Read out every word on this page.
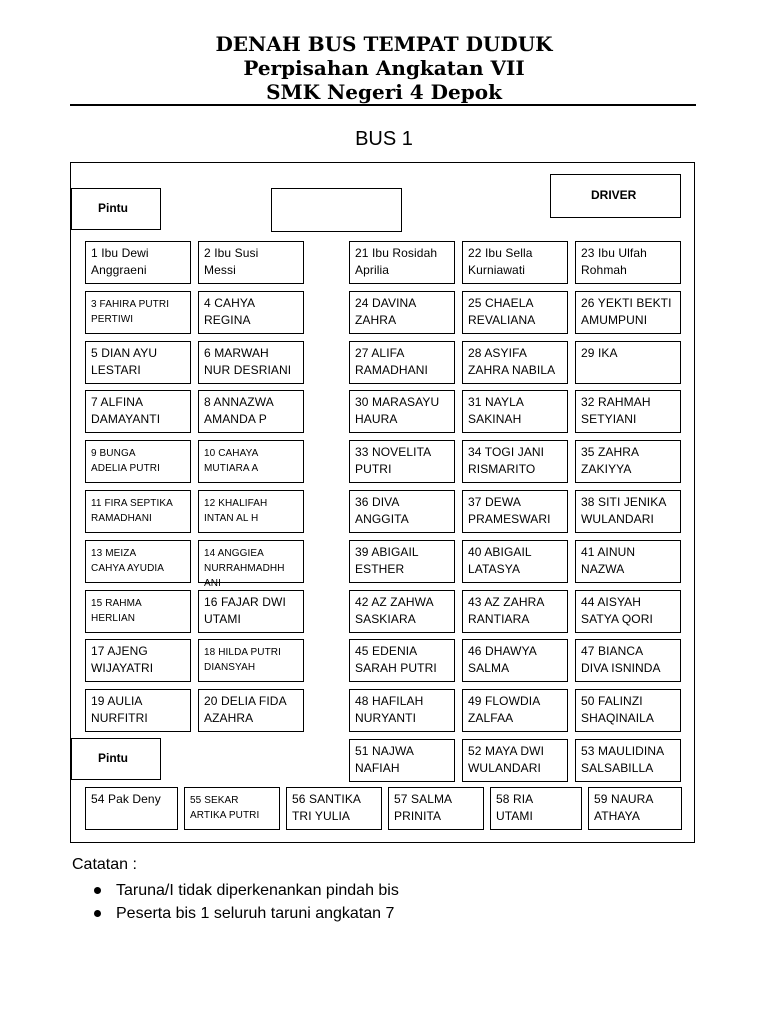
DENAH BUS TEMPAT DUDUK
Perpisahan Angkatan VII
SMK Negeri 4 Depok
BUS 1
Pintu
DRIVER
Pintu
1 Ibu Dewi
Anggraeni
2 Ibu Susi
Messi
21 Ibu Rosidah
Aprilia
22 Ibu Sella
Kurniawati
23 Ibu Ulfah
Rohmah
3 FAHIRA PUTRI
PERTIWI
4 CAHYA
REGINA
24 DAVINA
ZAHRA
25 CHAELA
REVALIANA
26 YEKTI BEKTI
AMUMPUNI
5 DIAN AYU
LESTARI
6 MARWAH
NUR DESRIANI
27 ALIFA
RAMADHANI
28 ASYIFA
ZAHRA NABILA
29 IKA
7 ALFINA
DAMAYANTI
8 ANNAZWA
AMANDA P
30 MARASAYU
HAURA
31 NAYLA
SAKINAH
32 RAHMAH
SETYIANI
9 BUNGA
ADELIA PUTRI
10 CAHAYA
MUTIARA A
33 NOVELITA
PUTRI
34 TOGI JANI
RISMARITO
35 ZAHRA
ZAKIYYA
11 FIRA SEPTIKA
RAMADHANI
12 KHALIFAH
INTAN AL H
36 DIVA
ANGGITA
37 DEWA
PRAMESWARI
38 SITI JENIKA
WULANDARI
13 MEIZA
CAHYA AYUDIA
14 ANGGIEA
NURRAHMADHH
ANI
39 ABIGAIL
ESTHER
40 ABIGAIL
LATASYA
41 AINUN
NAZWA
15 RAHMA
HERLIAN
16 FAJAR DWI
UTAMI
42 AZ ZAHWA
SASKIARA
43 AZ ZAHRA
RANTIARA
44 AISYAH
SATYA QORI
17 AJENG
WIJAYATRI
18 HILDA PUTRI
DIANSYAH
45 EDENIA
SARAH PUTRI
46 DHAWYA
SALMA
47 BIANCA
DIVA ISNINDA
19 AULIA
NURFITRI
20 DELIA FIDA
AZAHRA
48 HAFILAH
NURYANTI
49 FLOWDIA
ZALFAA
50 FALINZI
SHAQINAILA
51 NAJWA
NAFIAH
52 MAYA DWI
WULANDARI
53 MAULIDINA
SALSABILLA
54 Pak Deny	55 SEKAR
ARTIKA PUTRI
56 SANTIKA
TRI YULIA
57 SALMA
PRINITA
58 RIA
UTAMI
59 NAURA
ATHAYA
Catatan :
Taruna/I tidak diperkenankan pindah bis
Peserta bis 1 seluruh taruni angkatan 7
